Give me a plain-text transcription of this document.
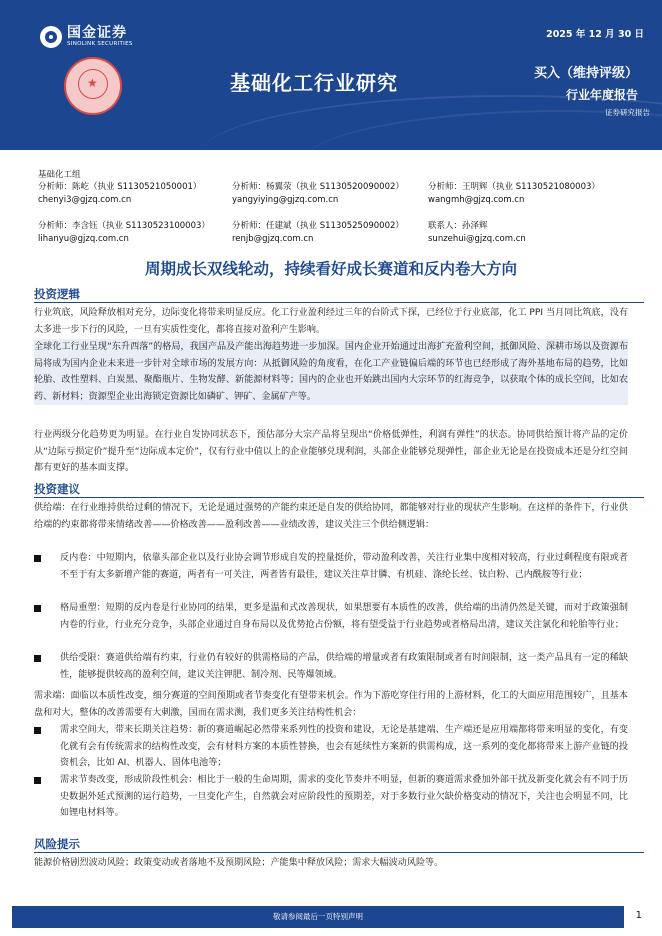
国金证券
SINOLINK SECURITIES
2025 年 12 月 30 日
★	基础化工行业研究	买入（维持评级）
行业年度报告
证券研究报告
基础化工组
分析师：陈屹（执业 S1130521050001）
chenyi3@gjzq.com.cn
分析师：杨翼荥（执业 S1130520090002）
yangyiying@gjzq.com.cn
分析师：王明辉（执业 S1130521080003）
wangmh@gjzq.com.cn
分析师：李含钰（执业 S1130523100003）
lihanyu@gjzq.com.cn
分析师：任建斌（执业 S1130525090002）
renjb@gjzq.com.cn
联系人：孙泽辉
sunzehui@gjzq.com.cn
周期成长双线轮动，持续看好成长赛道和反内卷大方向
投资逻辑
行业筑底，风险释放相对充分，边际变化将带来明显反应。化工行业盈利经过三年的台阶式下探，已经位于行业底部，化工 PPI 当月同比筑底，没有太多进一步下行的风险，一旦有实质性变化，都将直接对盈利产生影响。
全球化工行业呈现“东升西落”的格局，我国产品及产能出海趋势进一步加深。国内企业开始通过出海扩充盈利空间，抵御风险、深耕市场以及资源布局将成为国内企业未来进一步针对全球市场的发展方向：从抵御风险的角度看，在化工产业链偏后端的环节也已经形成了海外基地布局的趋势，比如轮胎、改性塑料、白炭黑、聚酯瓶片、生物发酵、新能源材料等；国内的企业也开始跳出国内大宗环节的红海竞争，以获取个体的成长空间，比如农药、新材料；资源型企业出海锁定资源比如磷矿、钾矿、金属矿产等。
行业两级分化趋势更为明显。在行业自发协同状态下，预估部分大宗产品将呈现出“价格低弹性，利润有弹性”的状态。协同供给预计将产品的定价从“边际亏损定价”提升至“边际成本定价”，仅有行业中值以上的企业能够兑现利润，头部企业能够兑现弹性，部企业无论是在投资成本还是分红空间都有更好的基本面支撑。
投资建议
供给端：在行业维持供给过剩的情况下，无论是通过强势的产能约束还是自发的供给协同，都能够对行业的现状产生影响。在这样的条件下，行业供给端的约束都将带来情绪改善——价格改善——盈利改善——业绩改善，建议关注三个供给侧逻辑：
反内卷：中短期内，依靠头部企业以及行业协会调节形成自发的控量挺价，带动盈利改善，关注行业集中度相对较高，行业过剩程度有限或者不至于有太多新增产能的赛道，两者有一可关注，两者皆有最佳，建议关注草甘膦、有机硅、涤纶长丝、钛白粉、己内酰胺等行业；
格局重塑：短期的反内卷是行业协同的结果，更多是温和式改善现状，如果想要有本质性的改善，供给端的出清仍然是关键，而对于政策强制内卷的行业，行业充分竞争，头部企业通过自身布局以及优势抢占份额，将有望受益于行业趋势或者格局出清，建议关注氯化和轮胎等行业；
供给受限：赛道供给端有约束，行业仍有较好的供需格局的产品，供给端的增量或者有政策限制或者有时间限制，这一类产品具有一定的稀缺性，能够提供较高的盈利空间，建议关注钾肥、制冷剂、民等爆领域。
需求端：面临以本质性改变，细分赛道的空间预期或者节奏变化有望带来机会。作为下游吃穿住行用的上游材料，化工的大面应用范围较广，且基本盘和对大，整体的改善需要有大刺激，国而在需求测，我们更多关注结构性机会：
需求空间大，带来长期关注趋势：新的赛道崛起必然带来系列性的投资和建设，无论是基建端、生产端还是应用端都将带来明显的变化，有变化就有会有传统需求的结构性改变，会有材料方案的本质性替换，也会有延续性方案新的供需构成，这一系列的变化都将带来上游产业链的投资机会，比如 AI、机器人、固体电池等；
需求节奏改变，形成阶段性机会：相比于一般的生命周期，需求的变化节奏并不明显，但新的赛道需求叠加外部干扰及新变化就会有不同于历史数据外延式预测的运行趋势，一旦变化产生，自然就会对应阶段性的预期差，对于多数行业欠缺价格变动的情况下，关注也会明显不同，比如锂电材料等。
风险提示
能源价格剧烈波动风险；政策变动或者落地不及预期风险；产能集中释放风险；需求大幅波动风险等。
敬请参阅最后一页特别声明	1
